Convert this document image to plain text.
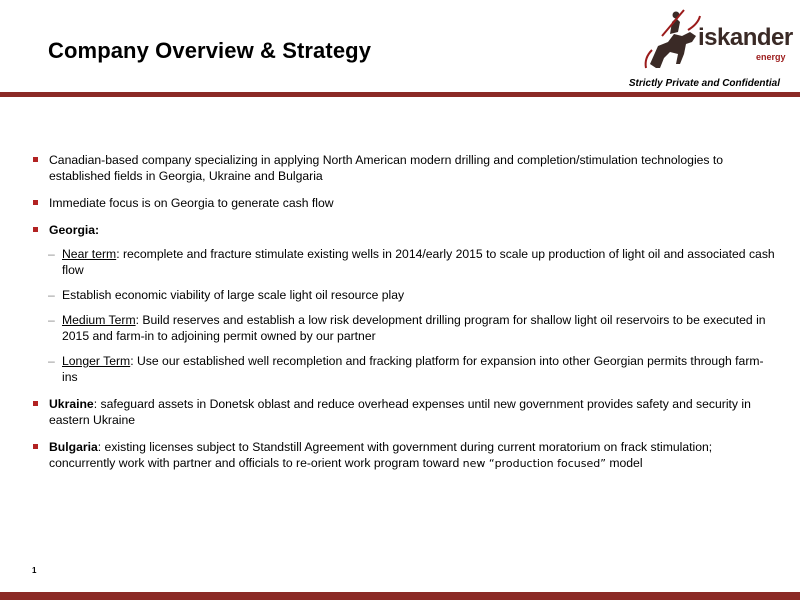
Company Overview & Strategy	iskander
energy
Strictly Private and Confidential
Canadian-based company specializing in applying North American modern drilling and completion/stimulation technologies to established fields in Georgia, Ukraine and Bulgaria
Immediate focus is on Georgia to generate cash flow
Georgia:
– Near term: recomplete and fracture stimulate existing wells in 2014/early 2015 to scale up production of light oil and associated cash flow
– Establish economic viability of large scale light oil resource play
– Medium Term: Build reserves and establish a low risk development drilling program for shallow light oil reservoirs to be executed in 2015 and farm-in to adjoining permit owned by our partner
– Longer Term: Use our established well recompletion and fracking platform for expansion into other Georgian permits through farm-ins
Ukraine: safeguard assets in Donetsk oblast and reduce overhead expenses until new government provides safety and security in eastern Ukraine
Bulgaria: existing licenses subject to Standstill Agreement with government during current moratorium on frack stimulation; concurrently work with partner and officials to re-orient work program toward new “production focused” model
1
